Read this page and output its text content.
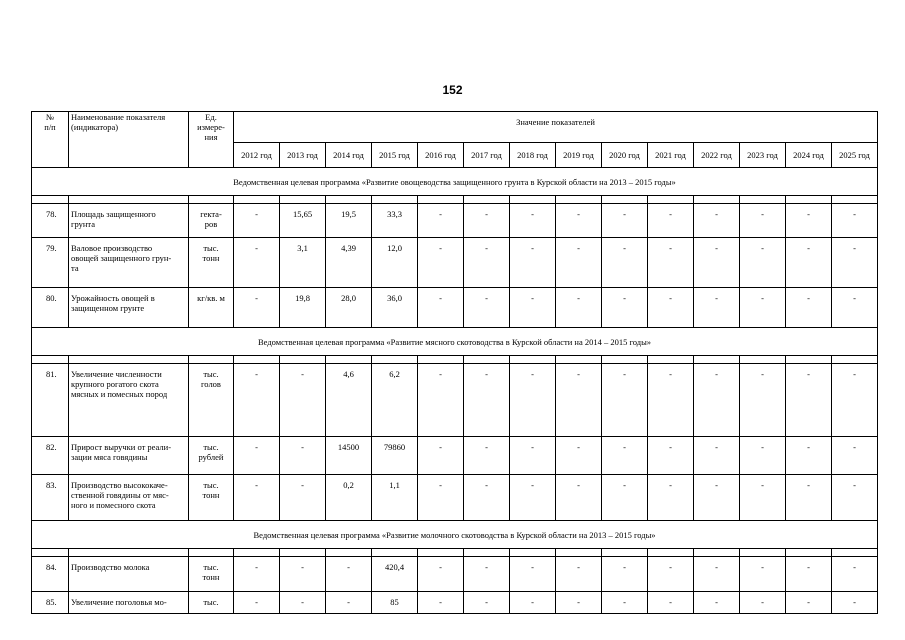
152
№
п/п	Наименование показателя
(индикатора)	Ед.
измере-
ния	Значение показателей													
			2012 год	2013 год	2014 год	2015 год	2016 год	2017 год	2018 год	2019 год	2020 год	2021 год	2022 год	2023 год	2024 год	2025 год
Ведомственная целевая программа «Развитие овощеводства защищенного грунта в Курской области на 2013 – 2015 годы»																

78.	Площадь защищенного
грунта	гекта-
ров	-	15,65	19,5	33,3	-	-	-	-	-	-	-	-	-	-
79.	Валовое производство
овощей защищенного грун-
та	тыс.
тонн	-	3,1	4,39	12,0	-	-	-	-	-	-	-	-	-	-
80.	Урожайность овощей в
защищенном грунте	кг/кв. м	-	19,8	28,0	36,0	-	-	-	-	-	-	-	-	-	-
Ведомственная целевая программа «Развитие мясного скотоводства в Курской области на 2014 – 2015 годы»																

81.	Увеличение численности
крупного рогатого скота
мясных и помесных пород	тыс.
голов	-	-	4,6	6,2	-	-	-	-	-	-	-	-	-	-
82.	Прирост выручки от реали-
зации мяса говядины	тыс.
рублей	-	-	14500	79860	-	-	-	-	-	-	-	-	-	-
83.	Производство высококаче-
ственной говядины от мяс-
ного и помесного скота	тыс.
тонн	-	-	0,2	1,1	-	-	-	-	-	-	-	-	-	-
Ведомственная целевая программа «Развитие молочного скотоводства в Курской области на 2013 – 2015 годы»																

84.	Производство молока	тыс.
тонн	-	-	-	420,4	-	-	-	-	-	-	-	-	-	-
85.	Увеличение поголовья мо-	тыс.	-	-	-	85	-	-	-	-	-	-	-	-	-	-
